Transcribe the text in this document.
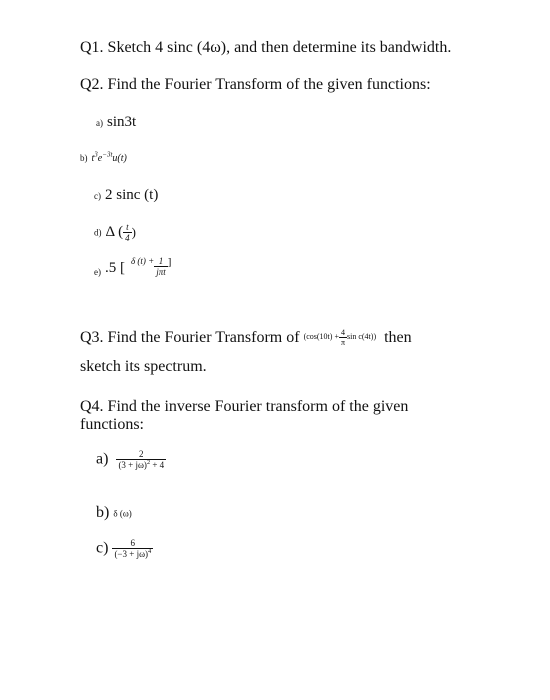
Q1. Sketch 4 sinc (4ω), and then determine its bandwidth.
Q2. Find the Fourier Transform of the given functions:
a) sin3t
b) $t^3e^{-3t}u(t)$
c) 2 sinc (t)
d) Δ ( $\frac{t}{4}$ )
e) .5 [ $^{\delta (t) +} \frac{1}{\text{jπt}} ^]$
Q3. Find the Fourier Transform of $^{(cos(10t) + \frac{4}{\pi} sin c(4t))}$ then
sketch its spectrum.
Q4. Find the inverse Fourier transform of the given
functions:
$a) \frac{2}{(3 + j\omega)^2 + 4}$
b) δ (ω)
$c) \frac{6}{(-3 + j\omega)^4}$
